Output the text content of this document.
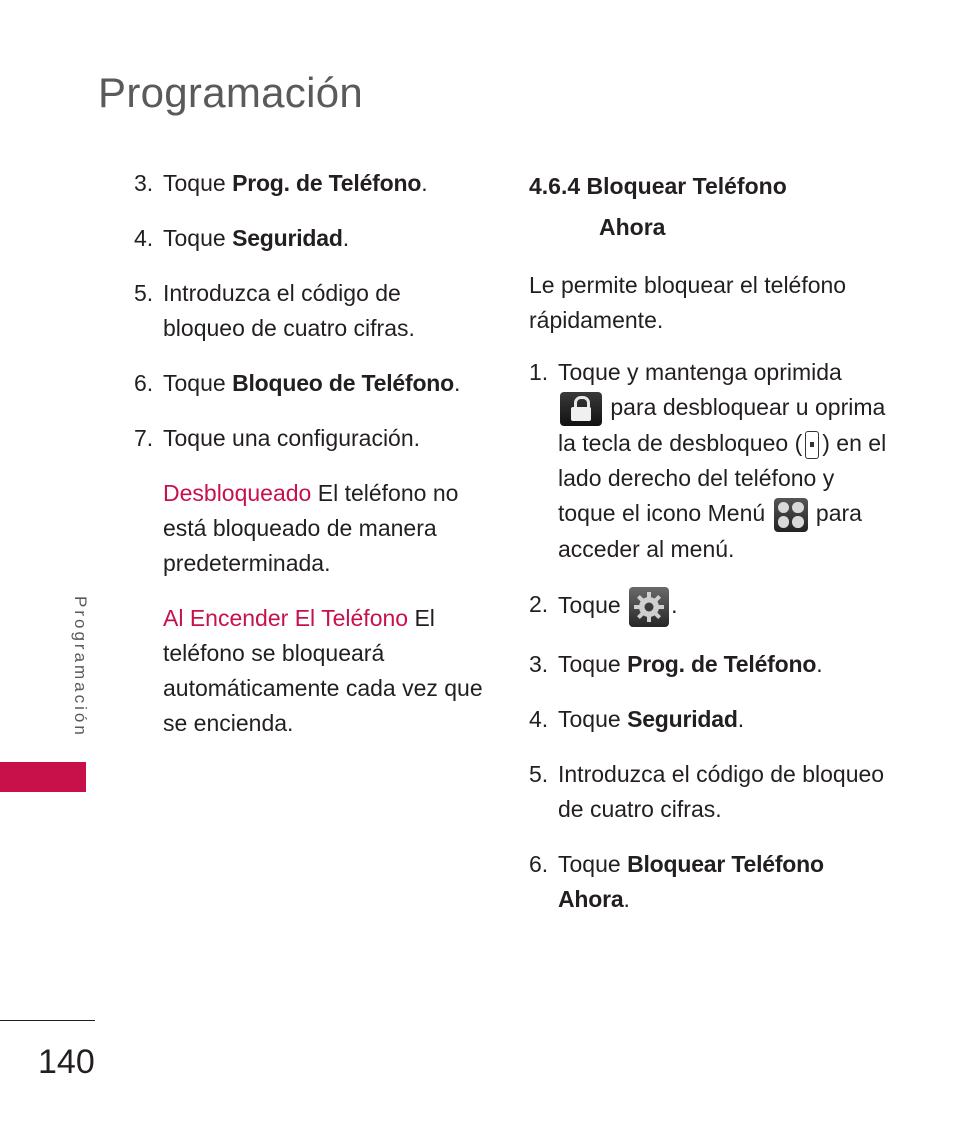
Programación
3. Toque Prog. de Teléfono.
4. Toque Seguridad.
5. Introduzca el código de bloqueo de cuatro cifras.
6. Toque Bloqueo de Teléfono.
7. Toque una configuración.
Desbloqueado El teléfono no está bloqueado de manera predeterminada.
Al Encender El Teléfono El teléfono se bloqueará automáticamente cada vez que se encienda.
4.6.4 Bloquear Teléfono
Ahora
Le permite bloquear el teléfono rápidamente.
1. Toque y mantenga oprimida

para desbloquear u oprima la tecla de desbloqueo ( ) en el lado derecho del teléfono y toque el icono Menú
para acceder al menú.
2. Toque .
3. Toque Prog. de Teléfono.
4. Toque Seguridad.
5. Introduzca el código de bloqueo de cuatro cifras.
6. Toque Bloquear Teléfono Ahora.
Programación
140
